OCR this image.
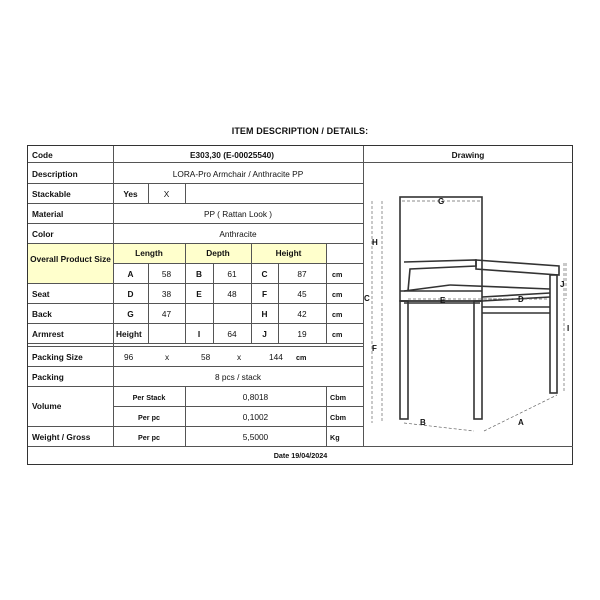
ITEM DESCRIPTION / DETAILS:
Code	E303,30 (E-00025540)	Drawing
Description	LORA-Pro Armchair / Anthracite PP
Stackable	Yes	X
Material	PP ( Rattan Look )
Color	Anthracite
Overall Product Size
Length	Depth	Height
A	58	B	61	C	87	cm
Seat	D	38	E	48	F	45	cm
Back	G	47	H	42	cm
Armrest	Height	I	64	J	19	cm
Packing Size	96	x	58	x	144 cm
Packing	8 pcs / stack
Volume
Per Stack	0,8018	Cbm
Per pc	0,1002	Cbm
Weight / Gross	Per pc	5,5000	Kg
Date 19/04/2024
G
H
C	E	D
F
J
I
B	A
